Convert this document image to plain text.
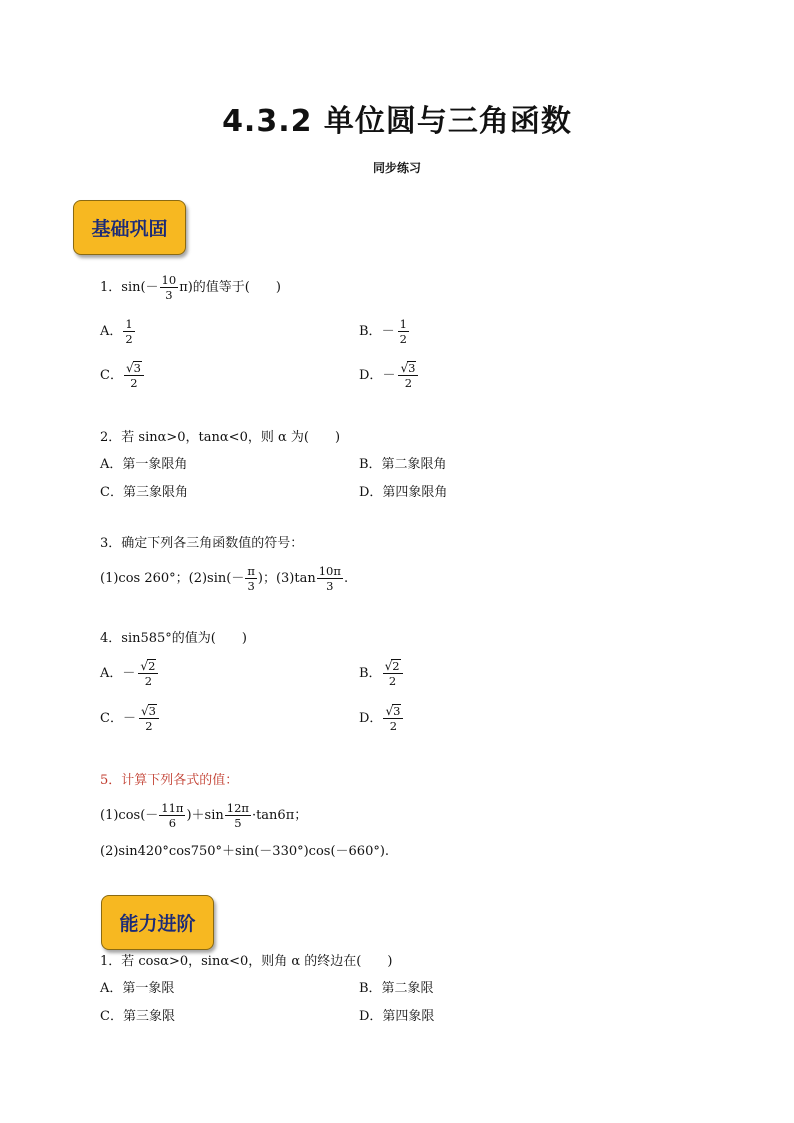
4.3.2 单位圆与三角函数
同步练习
基础巩固
1．$\sin(- \frac{10}{3} \pi)$的值等于(　　)
A． $\frac{1}{2}$	B． － $\frac{1}{2}$
C． $\frac{√ 3}{2}$	D． － $\frac{√ 3}{2}$
2．若 sinα>0，tanα<0，则 α 为(　　)
A．第一象限角	B．第二象限角
C．第三象限角	D．第四象限角
3．确定下列各三角函数值的符号：
(1)cos 260°；$(2)\sin(- \frac{\pi}{3}$ )；$(3)\tan \frac{10\pi}{3}$ .
4．sin585°的值为(　　)
A． － $\frac{√ 2}{2}$	B． $\frac{√ 2}{2}$
C． － $\frac{√ 3}{2}$	D． $\frac{√ 3}{2}$
5．计算下列各式的值：
$(1)\cos(- \frac{11\pi}{6} )+\sin \frac{12\pi}{5} \cdot\tan 6\pi$；
(2)sin420°cos750°＋sin(－330°)cos(－660°).
能力进阶
1．若 cosα>0，sinα<0，则角 α 的终边在(　　)
A．第一象限	B．第二象限
C．第三象限	D．第四象限
